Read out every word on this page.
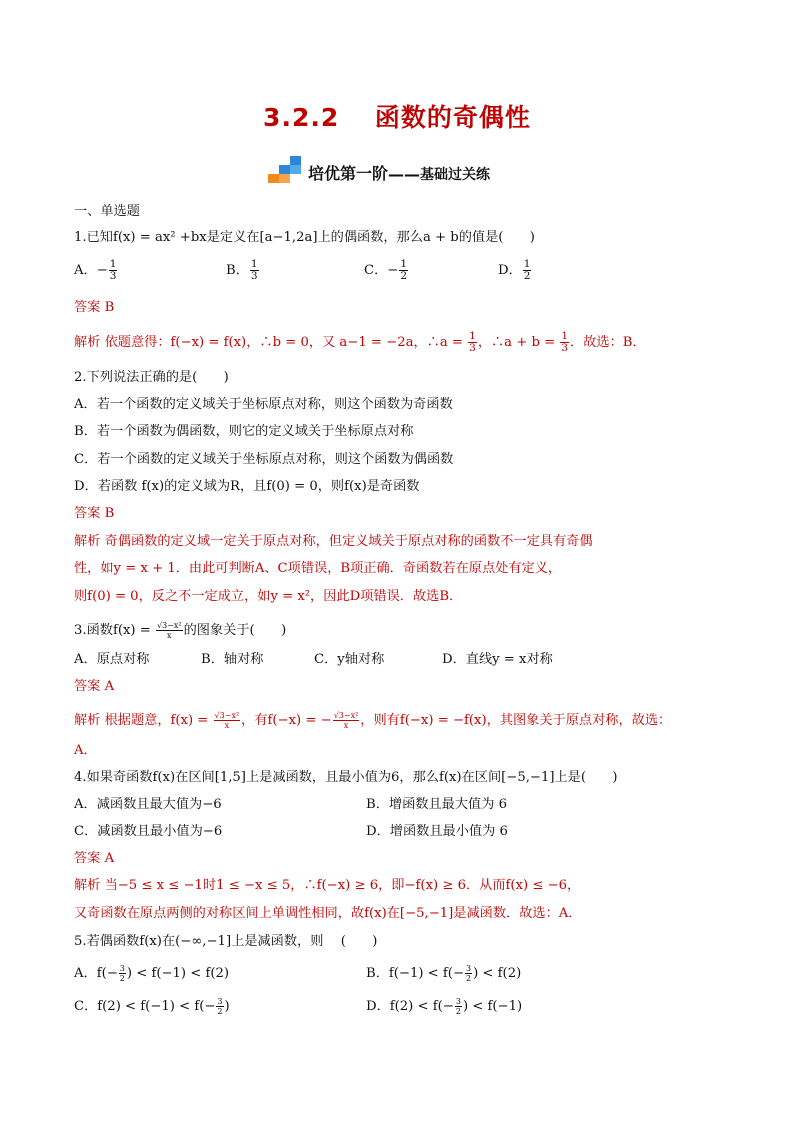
3.2.2　 函数的奇偶性
培优第一阶 —— 基础过关练
一、单选题
1.已知f(x) = ax² +bx是定义在[a−1,2a]上的偶函数，那么a + b的值是(　　)
A．− $\frac{1}{3}$	B． $\frac{1}{3}$	C．− $\frac{1}{2}$	D． $\frac{1}{2}$
答案 B
解析 依题意得：f(−x) = f(x)，∴b = 0，又 a−1 = −2a，∴a = $\frac{1}{3}$ ，∴a + $b = \frac{1}{3}$ ．故选：B．
2.下列说法正确的是(　　)
A．若一个函数的定义域关于坐标原点对称，则这个函数为奇函数
B．若一个函数为偶函数，则它的定义域关于坐标原点对称
C．若一个函数的定义域关于坐标原点对称，则这个函数为偶函数
D．若函数 f(x)的定义域为R，且f(0) = 0，则f(x)是奇函数
答案 B
解析 奇偶函数的定义域一定关于原点对称，但定义域关于原点对称的函数不一定具有奇偶
性，如y = x + 1．由此可判断A、C项错误，B项正确．奇函数若在原点处有定义，
则f(0) = 0，反之不一定成立，如y = x²，因此D项错误．故选B．
3.函数$f(x) = \frac{\text{√3−x²}}{x}$ 的图象关于(　　)
A．原点对称	B．轴对称	C．y轴对称	D．直线y = x对称
答案 A
解析 根据题意，$f(x) = \frac{\text{√3−x²}}{x}$ ，有f(−x) = − $\frac{\text{√3−x²}}{x}$ ，则有f(−x) = −f(x)，其图象关于原点对称，故选：
A．
4.如果奇函数f(x)在区间[1,5]上是减函数，且最小值为6，那么f(x)在区间[−5,−1]上是(　　)
A．减函数且最大值为−6	B．增函数且最大值为 6
C．减函数且最小值为−6	D．增函数且最小值为 6
答案 A
解析 当−5 ≤ x ≤ −1时1 ≤ −x ≤ 5，∴f(−x) ≥ 6，即−f(x) ≥ 6．从而f(x) ≤ −6，
又奇函数在原点两侧的对称区间上单调性相同，故f(x)在[−5,−1]是减函数．故选：A．
5.若偶函数f(x)在(−∞,−1]上是减函数，则　 (　　)
A．$f(- \frac{3}{2}$ ) < f(−1) < f(2)	B．$f(-1) < f(- \frac{3}{2}$ ) < f(2)
C．$f(2) < f(-1) < f(- \frac{3}{2}$ )	D．$f(2) < f(- \frac{3}{2}$ ) < f(−1)
